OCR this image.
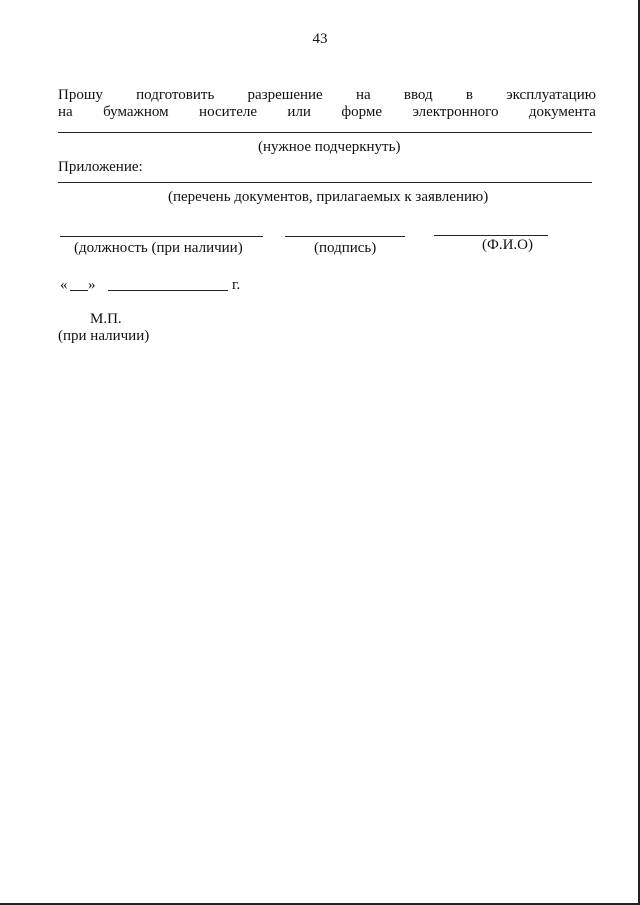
43
Прошу подготовить разрешение на ввод в эксплуатацию
на бумажном носителе или форме электронного документа
(нужное подчеркнуть)
Приложение:
(перечень документов, прилагаемых к заявлению)
(должность (при наличии)	(подпись)	(Ф.И.О)
« »	г.
М.П.
(при наличии)
